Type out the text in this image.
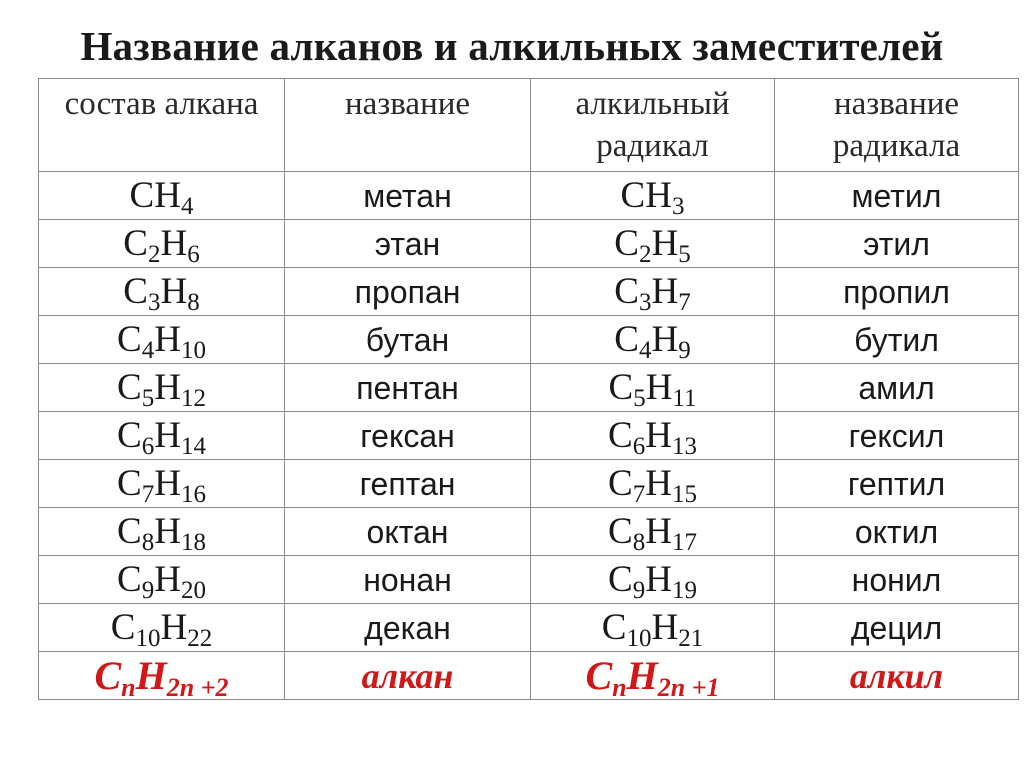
Название алканов и алкильных заместителей
состав алкана	название	алкильный радикал	название радикала
$CH_4$	метан	$CH_3$	метил
$C_2H_6$	этан	$C_2H_5$	этил
$C_3H_8$	пропан	$C_3H_7$	пропил
$C_4H_{10}$	бутан	$C_4H_9$	бутил
$C_5H_{12}$	пентан	$C_5H_{11}$	амил
$C_6H_{14}$	гексан	$C_6H_{13}$	гексил
$C_7H_{16}$	гептан	$C_7H_{15}$	гептил
$C_8H_{18}$	октан	$C_8H_{17}$	октил
$C_9H_{20}$	нонан	$C_9H_{19}$	нонил
$C_{10}H_{22}$	декан	$C_{10}H_{21}$	децил
$C_nH_{2n +2}$	алкан	$C_nH_{2n +1}$	алкил
